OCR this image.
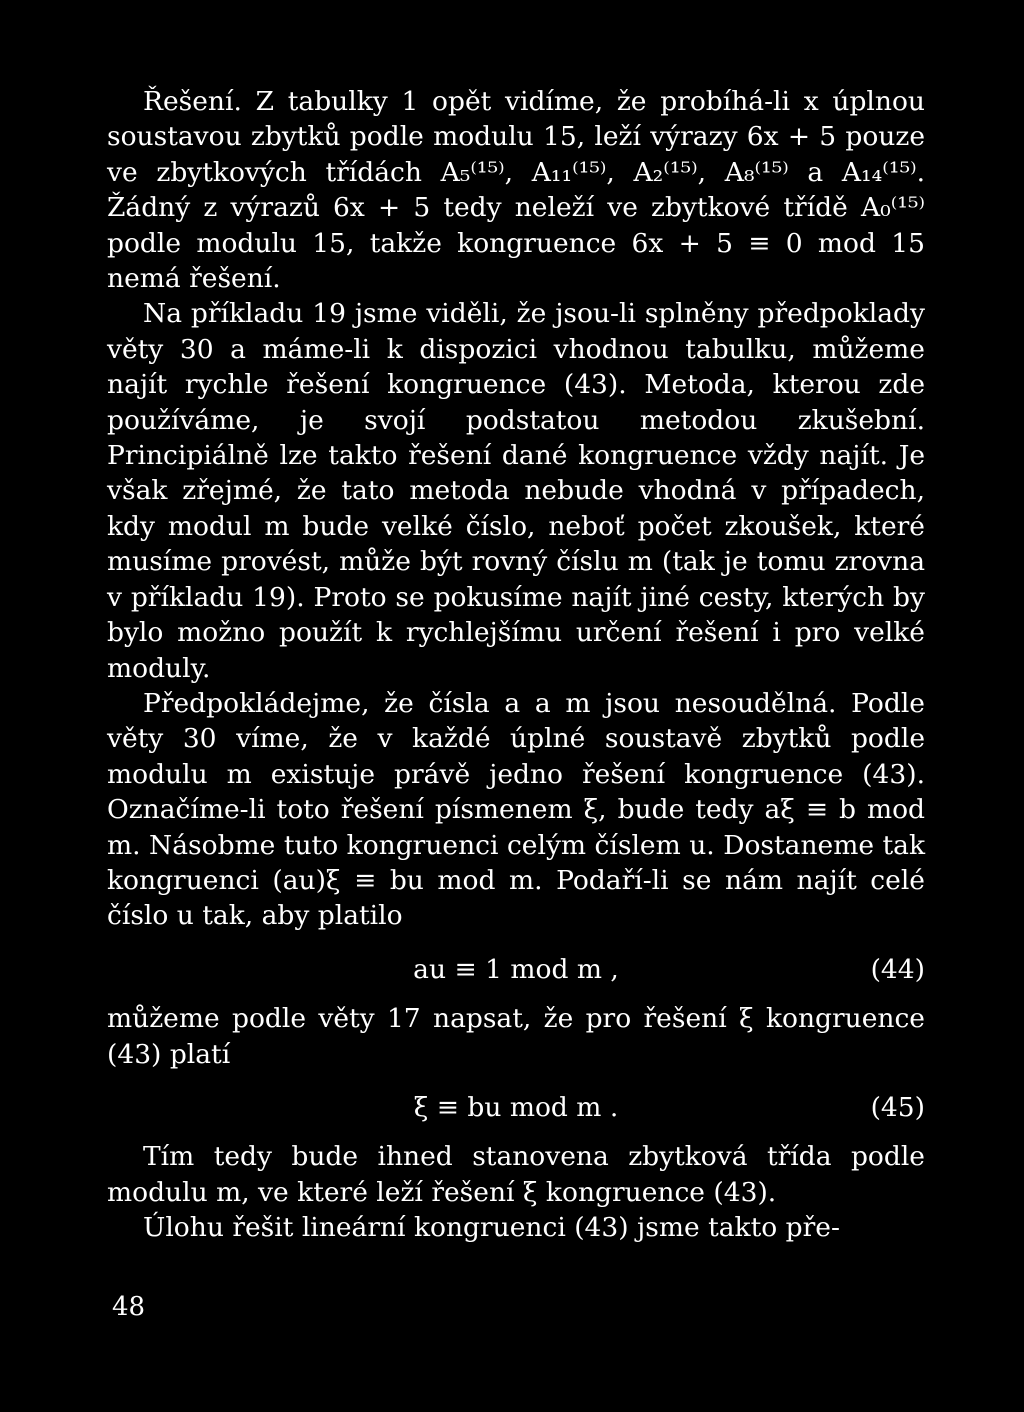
Řešení. Z tabulky 1 opět vidíme, že probíhá-li x úplnou soustavou zbytků podle modulu 15, leží výrazy 6x + 5 pouze ve zbytkových třídách A₅⁽¹⁵⁾, A₁₁⁽¹⁵⁾, A₂⁽¹⁵⁾, A₈⁽¹⁵⁾ a A₁₄⁽¹⁵⁾. Žádný z výrazů 6x + 5 tedy neleží ve zbytkové třídě A₀⁽¹⁵⁾ podle modulu 15, takže kongruence 6x + 5 ≡ 0 mod 15 nemá řešení.

Na příkladu 19 jsme viděli, že jsou-li splněny předpoklady věty 30 a máme-li k dispozici vhodnou tabulku, můžeme najít rychle řešení kongruence (43). Metoda, kterou zde používáme, je svojí podstatou metodou zkušební. Principiálně lze takto řešení dané kongruence vždy najít. Je však zřejmé, že tato metoda nebude vhodná v případech, kdy modul m bude velké číslo, neboť počet zkoušek, které musíme provést, může být rovný číslu m (tak je tomu zrovna v příkladu 19). Proto se pokusíme najít jiné cesty, kterých by bylo možno použít k rychlejšímu určení řešení i pro velké moduly.

Předpokládejme, že čísla a a m jsou nesoudělná. Podle věty 30 víme, že v každé úplné soustavě zbytků podle modulu m existuje právě jedno řešení kongruence (43). Označíme-li toto řešení písmenem ξ, bude tedy aξ ≡ b mod m. Násobme tuto kongruenci celým číslem u. Dostaneme tak kongruenci (au)ξ ≡ bu mod m. Podaří-li se nám najít celé číslo u tak, aby platilo

au ≡ 1 mod m ,	(44)

můžeme podle věty 17 napsat, že pro řešení ξ kongruence (43) platí

ξ ≡ bu mod m .	(45)

Tím tedy bude ihned stanovena zbytková třída podle modulu m, ve které leží řešení ξ kongruence (43).

Úlohu řešit lineární kongruenci (43) jsme takto pře-

48
